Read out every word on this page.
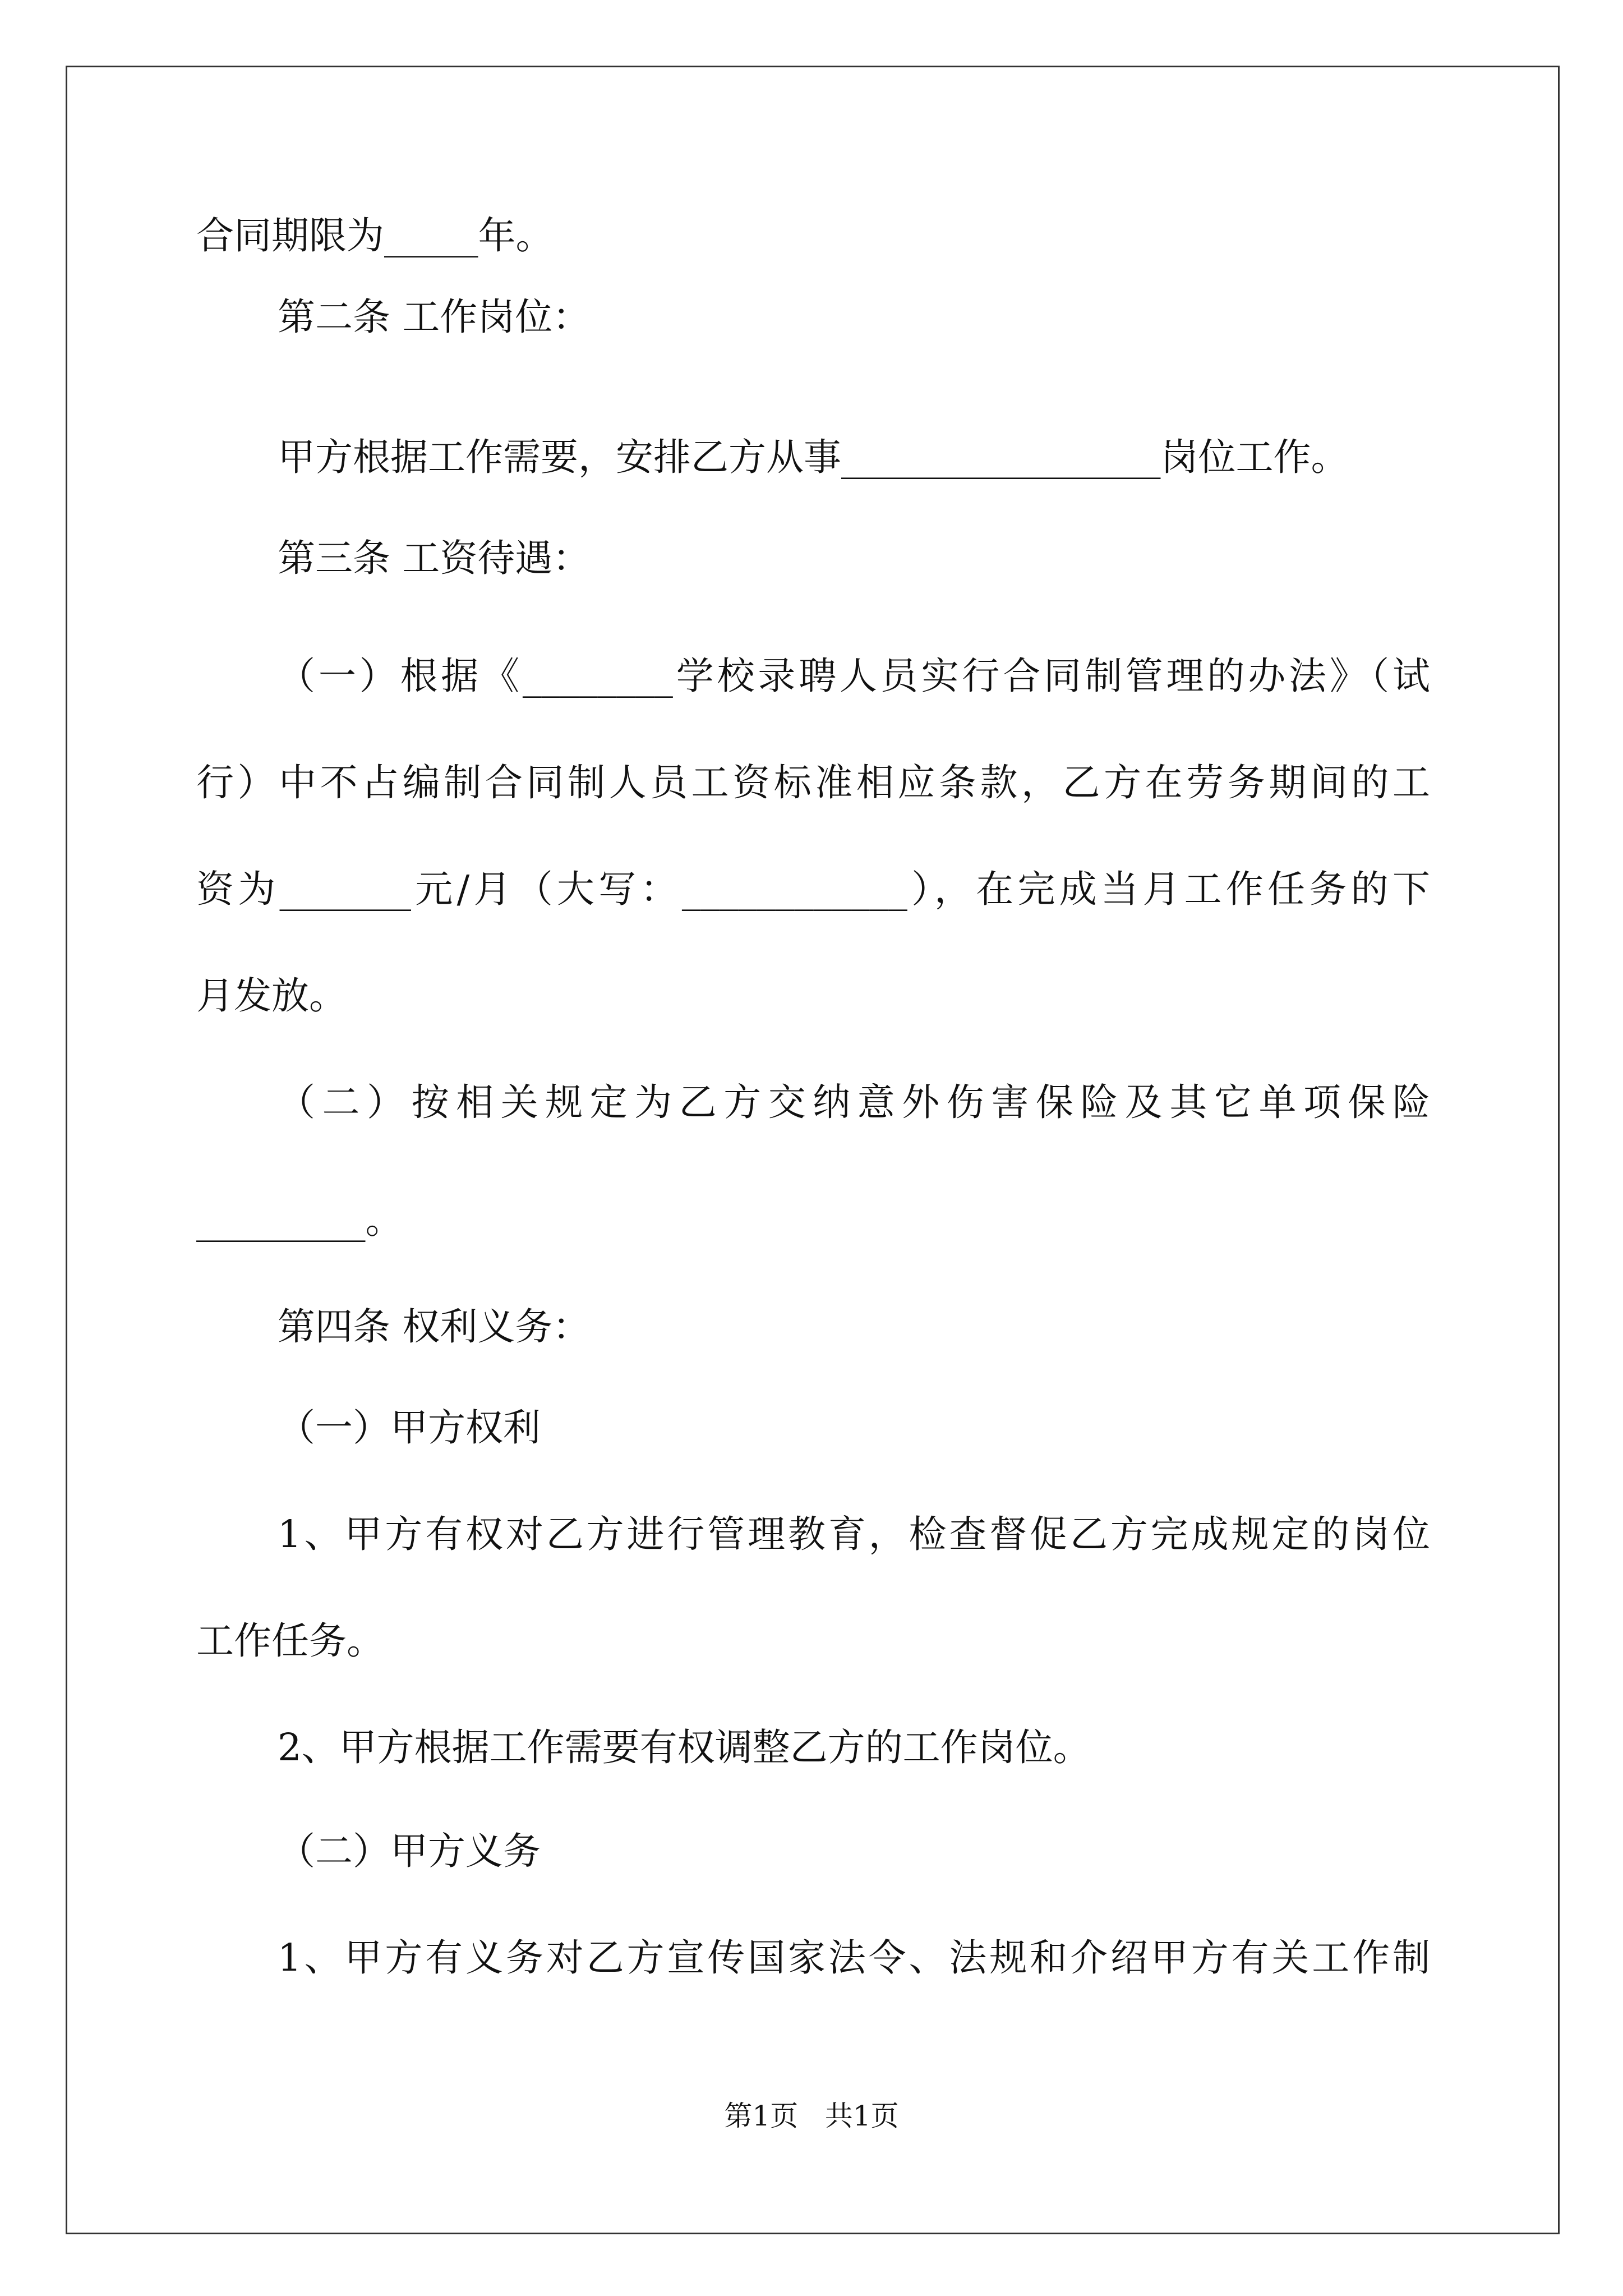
合同期限为_____年。
第二条 工作岗位：
甲方根据工作需要，安排乙方从事_________________岗位工作。
第三条 工资待遇：
（一）根据《________学校录聘人员实行合同制管理的办法》（试
行）中不占编制合同制人员工资标准相应条款，乙方在劳务期间的工
资为_______元/月（大写：____________），在完成当月工作任务的下
月发放。
（二）按相关规定为乙方交纳意外伤害保险及其它单项保险
_________。
第四条 权利义务：
（一）甲方权利
1、甲方有权对乙方进行管理教育，检查督促乙方完成规定的岗位
工作任务。
2、甲方根据工作需要有权调整乙方的工作岗位。
（二）甲方义务
1、甲方有义务对乙方宣传国家法令、法规和介绍甲方有关工作制
第1页   共1页
